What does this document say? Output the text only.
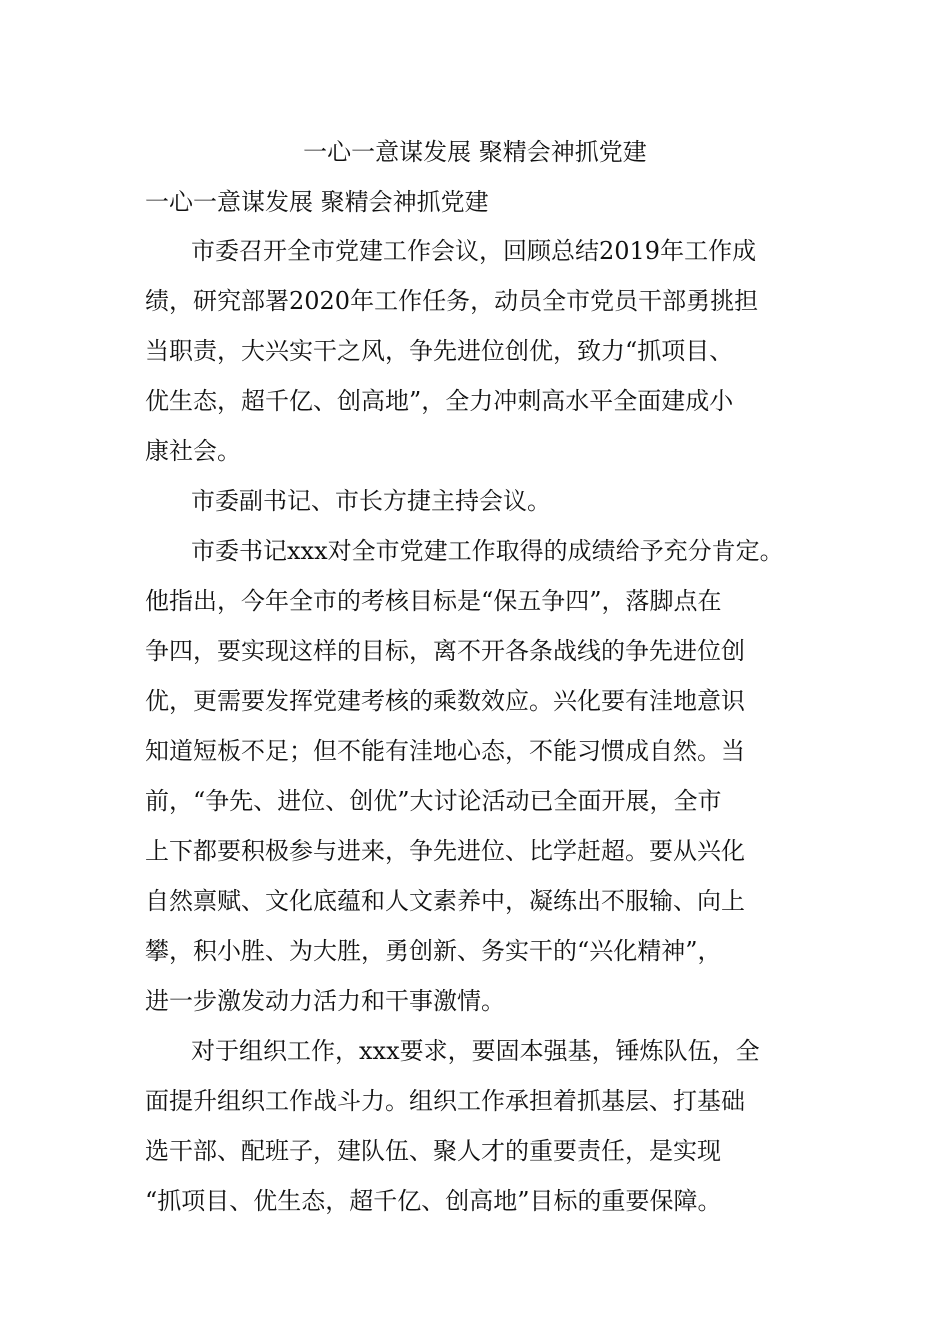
一心一意谋发展 聚精会神抓党建
一心一意谋发展 聚精会神抓党建

市委召开全市党建工作会议，回顾总结2019年工作成
绩，研究部署2020年工作任务，动员全市党员干部勇挑担
当职责，大兴实干之风，争先进位创优，致力“抓项目、
优生态，超千亿、创高地”，全力冲刺高水平全面建成小
康社会。

市委副书记、市长方捷主持会议。

市委书记xxx对全市党建工作取得的成绩给予充分肯定。
他指出，今年全市的考核目标是“保五争四”，落脚点在
争四，要实现这样的目标，离不开各条战线的争先进位创
优，更需要发挥党建考核的乘数效应。兴化要有洼地意识
知道短板不足；但不能有洼地心态，不能习惯成自然。当
前，“争先、进位、创优”大讨论活动已全面开展，全市
上下都要积极参与进来，争先进位、比学赶超。要从兴化
自然禀赋、文化底蕴和人文素养中，凝练出不服输、向上
攀，积小胜、为大胜，勇创新、务实干的“兴化精神”，
进一步激发动力活力和干事激情。

对于组织工作，xxx要求，要固本强基，锤炼队伍，全
面提升组织工作战斗力。组织工作承担着抓基层、打基础
选干部、配班子，建队伍、聚人才的重要责任，是实现
“抓项目、优生态，超千亿、创高地”目标的重要保障。
